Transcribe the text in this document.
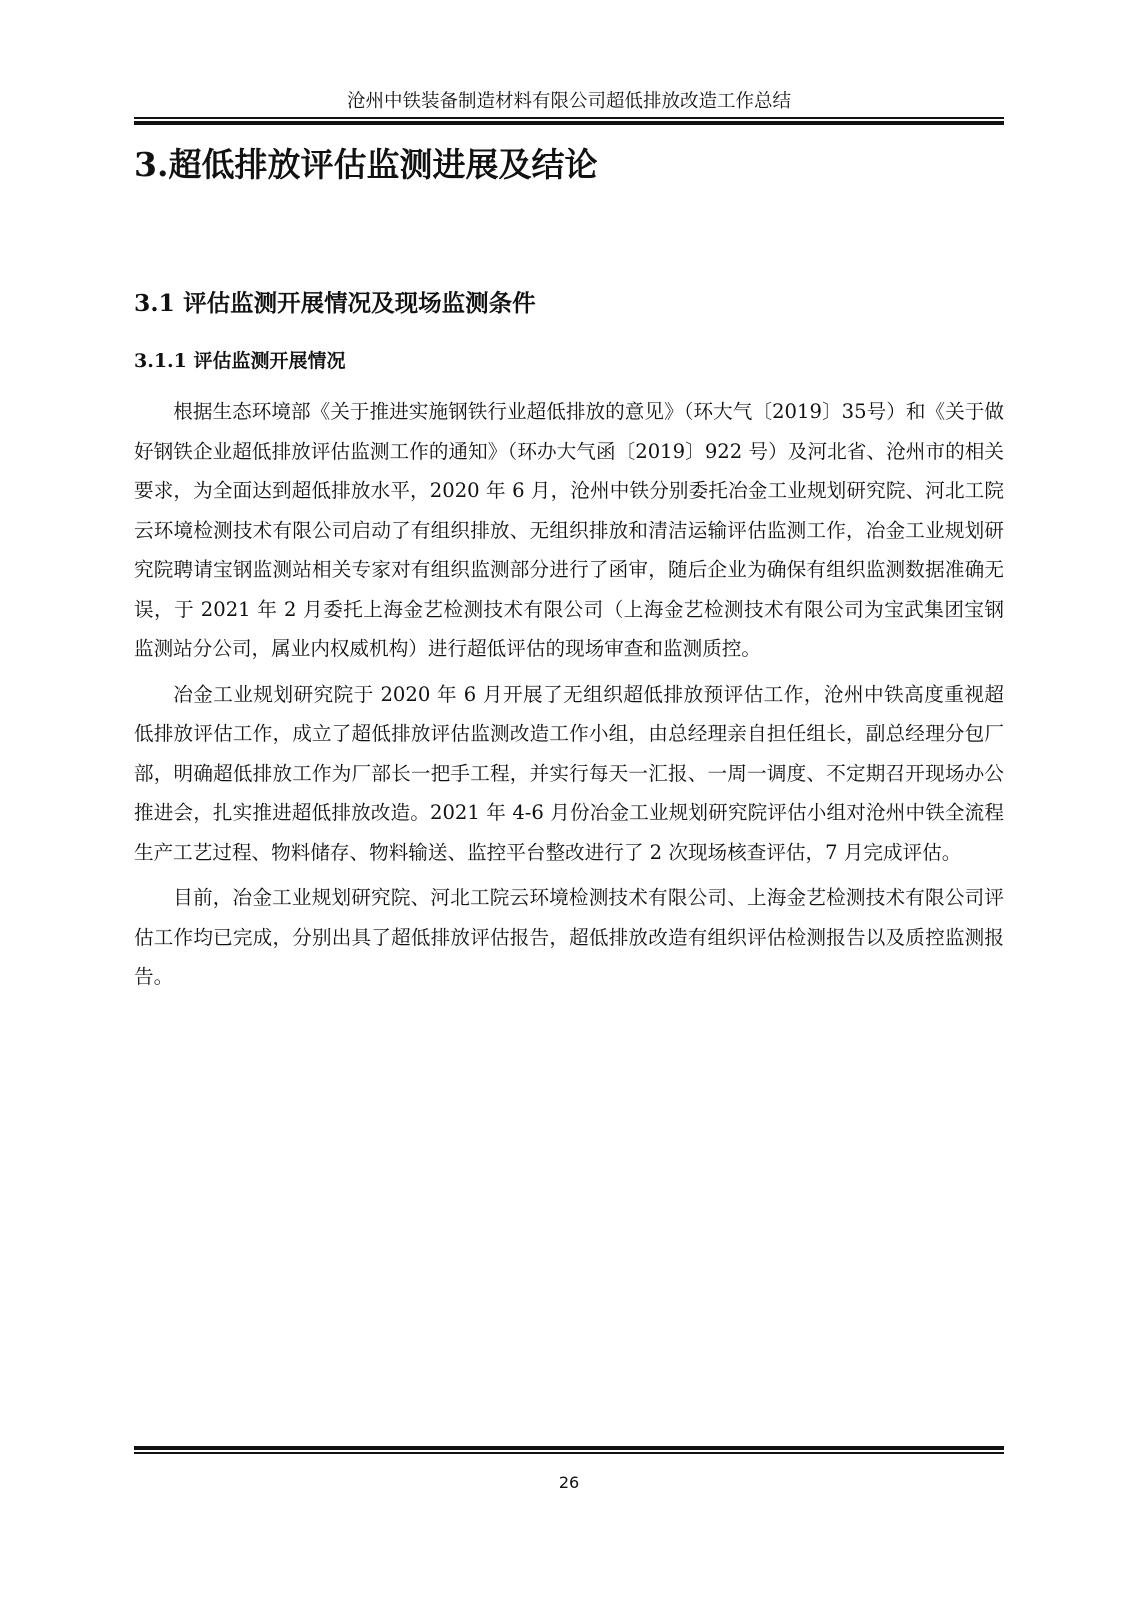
沧州中铁装备制造材料有限公司超低排放改造工作总结
3.超低排放评估监测进展及结论
3.1 评估监测开展情况及现场监测条件
3.1.1 评估监测开展情况

根据生态环境部《关于推进实施钢铁行业超低排放的意见》（环大气〔2019〕35号）和《关于做好钢铁企业超低排放评估监测工作的通知》（环办大气函〔2019〕922 号）及河北省、沧州市的相关要求，为全面达到超低排放水平，2020 年 6 月，沧州中铁分别委托冶金工业规划研究院、河北工院云环境检测技术有限公司启动了有组织排放、无组织排放和清洁运输评估监测工作，冶金工业规划研究院聘请宝钢监测站相关专家对有组织监测部分进行了函审，随后企业为确保有组织监测数据准确无误，于 2021 年 2 月委托上海金艺检测技术有限公司（上海金艺检测技术有限公司为宝武集团宝钢监测站分公司，属业内权威机构）进行超低评估的现场审查和监测质控。

冶金工业规划研究院于 2020 年 6 月开展了无组织超低排放预评估工作，沧州中铁高度重视超低排放评估工作，成立了超低排放评估监测改造工作小组，由总经理亲自担任组长，副总经理分包厂部，明确超低排放工作为厂部长一把手工程，并实行每天一汇报、一周一调度、不定期召开现场办公推进会，扎实推进超低排放改造。2021 年 4-6 月份冶金工业规划研究院评估小组对沧州中铁全流程生产工艺过程、物料储存、物料输送、监控平台整改进行了 2 次现场核查评估，7 月完成评估。

目前，冶金工业规划研究院、河北工院云环境检测技术有限公司、上海金艺检测技术有限公司评估工作均已完成，分别出具了超低排放评估报告，超低排放改造有组织评估检测报告以及质控监测报告。

26
